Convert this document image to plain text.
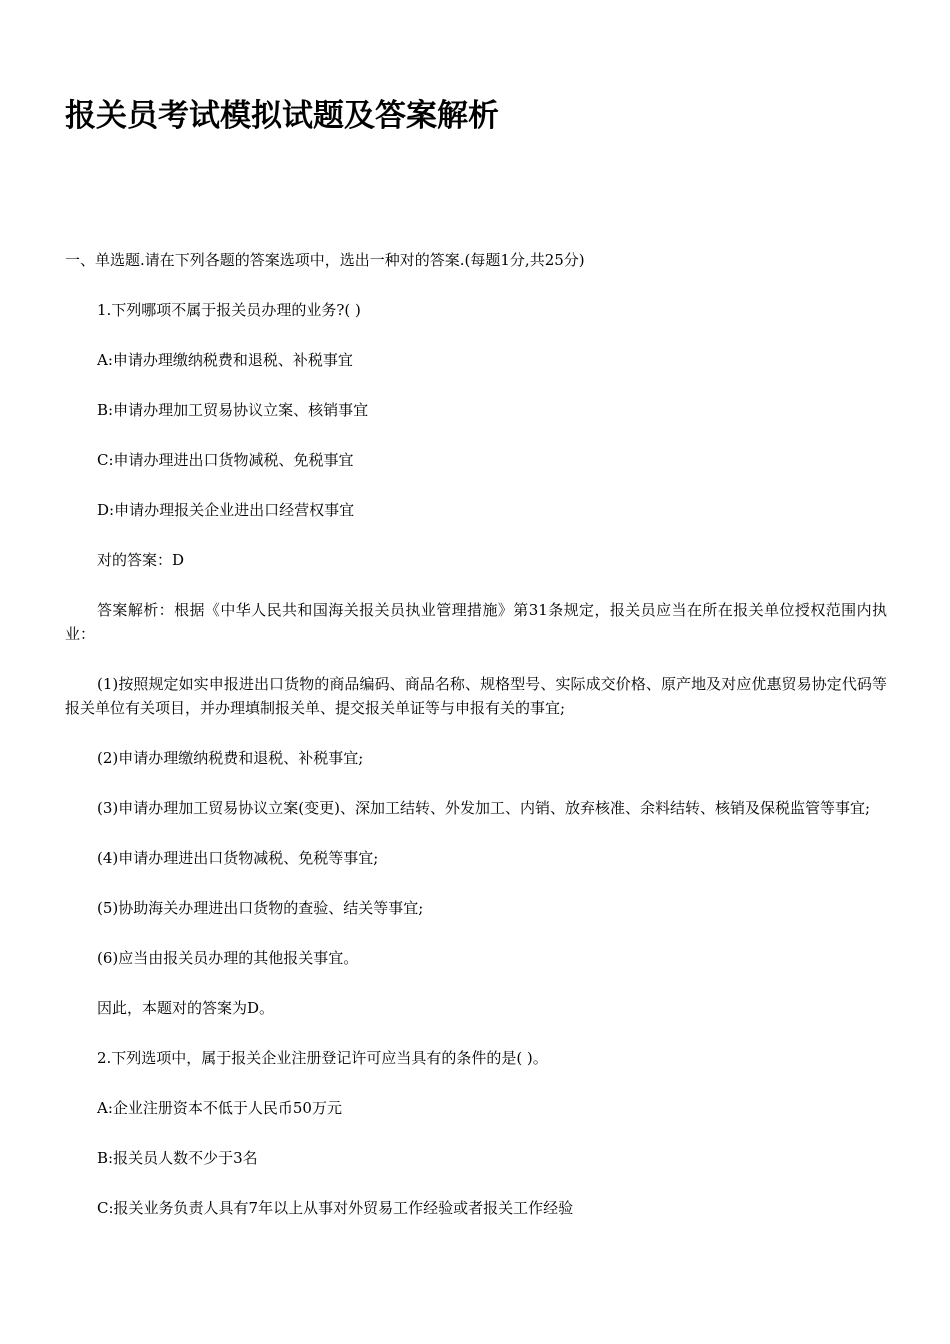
报关员考试模拟试题及答案解析

一、单选题.请在下列各题的答案选项中，选出一种对的答案.(每题1分,共25分)

1.下列哪项不属于报关员办理的业务?( )

A:申请办理缴纳税费和退税、补税事宜

B:申请办理加工贸易协议立案、核销事宜

C:申请办理进出口货物减税、免税事宜

D:申请办理报关企业进出口经营权事宜

对的答案：D

答案解析：根据《中华人民共和国海关报关员执业管理措施》第31条规定，报关员应当在所在报关单位授权范围内执业：

(1)按照规定如实申报进出口货物的商品编码、商品名称、规格型号、实际成交价格、原产地及对应优惠贸易协定代码等报关单位有关项目，并办理填制报关单、提交报关单证等与申报有关的事宜;

(2)申请办理缴纳税费和退税、补税事宜;

(3)申请办理加工贸易协议立案(变更)、深加工结转、外发加工、内销、放弃核准、余料结转、核销及保税监管等事宜;

(4)申请办理进出口货物减税、免税等事宜;

(5)协助海关办理进出口货物的查验、结关等事宜;

(6)应当由报关员办理的其他报关事宜。

因此，本题对的答案为D。

2.下列选项中，属于报关企业注册登记许可应当具有的条件的是( )。

A:企业注册资本不低于人民币50万元

B:报关员人数不少于3名

C:报关业务负责人具有7年以上从事对外贸易工作经验或者报关工作经验
